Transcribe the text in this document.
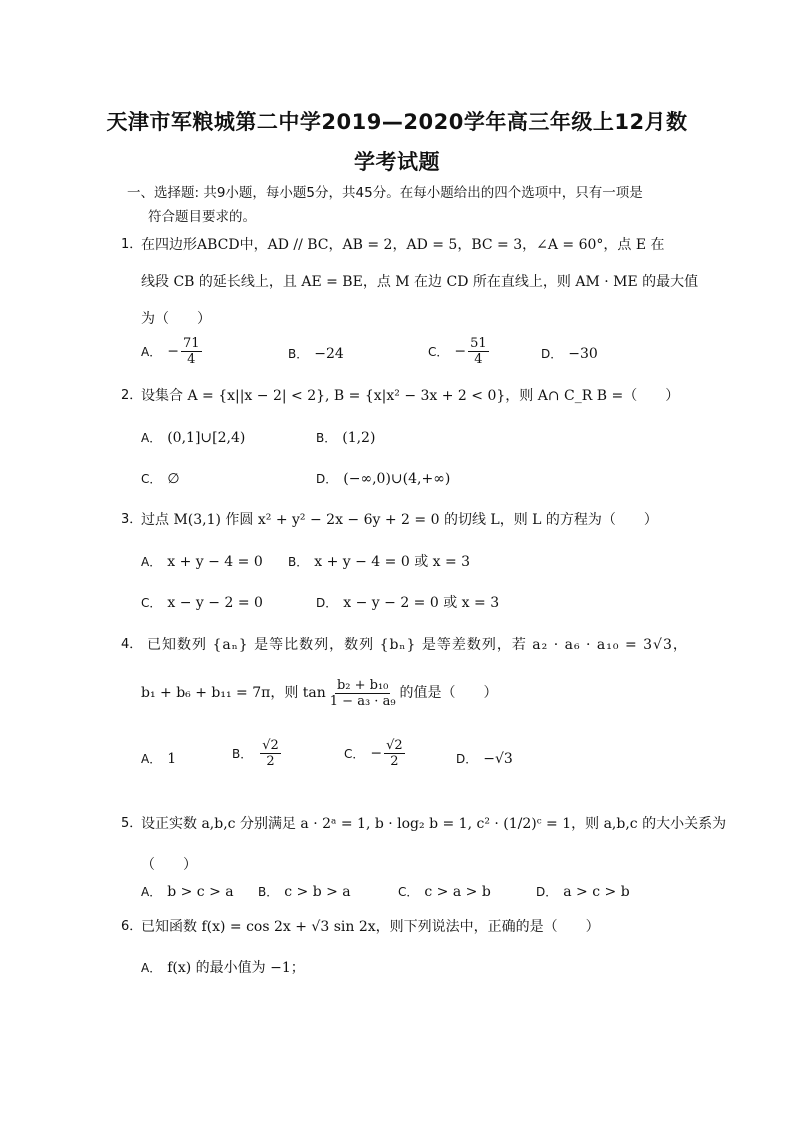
天津市军粮城第二中学2019—2020学年高三年级上12月数
学考试题
一、选择题: 共9小题，每小题5分，共45分。在每小题给出的四个选项中，只有一项是
符合题目要求的。
1．
在四边形ABCD中，AD // BC，AB = 2，AD = 5，BC = 3，∠A = 60°，点 E 在
线段 CB 的延长线上，且 AE = BE，点 M 在边 CD 所在直线上，则 AM · ME 的最大值
为（　　）
A． − $\frac{71}{4}$	B． −24	C． − $\frac{51}{4}$	D． −30
2．
设集合 A = {x||x − 2| < 2}, B = {x|x² − 3x + 2 < 0}，则 A∩ C_R B =（　　）
A． (0,1]∪[2,4)	B． (1,2)
C． ∅	D． (−∞,0)∪(4,+∞)
3．
过点 M(3,1) 作圆 x² + y² − 2x − 6y + 2 = 0 的切线 L，则 L 的方程为（　　）
A． x + y − 4 = 0 B． x + y − 4 = 0 或 x = 3
C． x − y − 2 = 0	D． x − y − 2 = 0 或 x = 3
4． 已知数列 {aₙ} 是等比数列，数列 {bₙ} 是等差数列，若 a₂ · a₆ · a₁₀ = 3√3，
b₁ + b₆ + b₁₁ = 7π，则 $\tan \frac{\text{b₂ + b₁₀}}{\text{1 − a₃ · a₉}}$ 的值是（　　）
A． 1	B． $\frac{√2}{2}$	C． − $\frac{√2}{2}$	D． −√3
5．
设正实数 a,b,c 分别满足 a · 2ᵃ = 1, b · log₂ b = 1, c² · (1/2)ᶜ = 1，则 a,b,c 的大小关系为
（　　）
A． b > c > a B． c > b > a	C． c > a > b	D． a > c > b
6．
已知函数 f(x) = cos 2x + √3 sin 2x，则下列说法中，正确的是（　　）
A． f(x) 的最小值为 −1；
